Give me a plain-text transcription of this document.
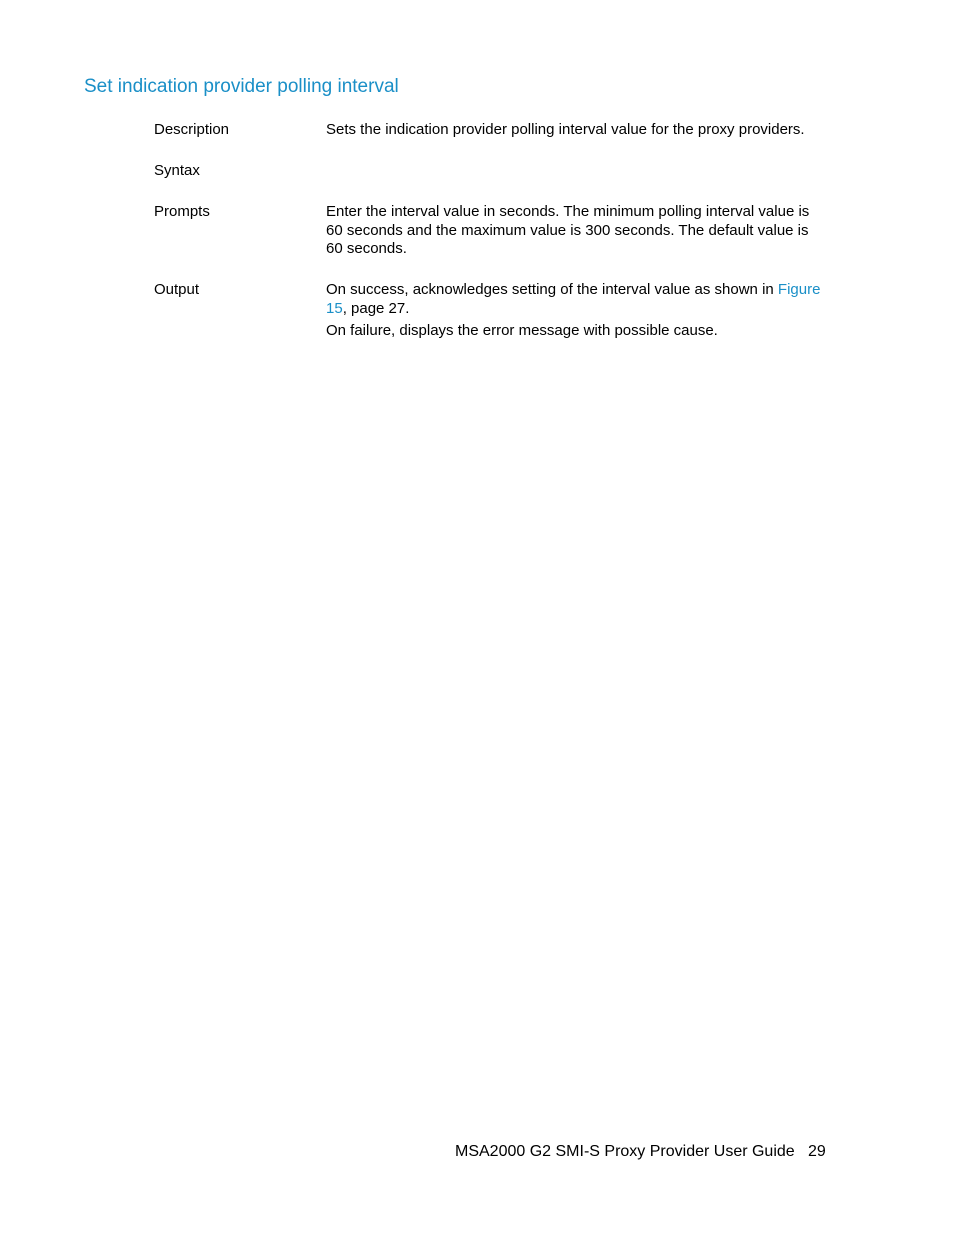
Set indication provider polling interval
Description	Sets the indication provider polling interval value for the proxy providers.

Syntax
Prompts	Enter the interval value in seconds. The minimum polling interval value is
60 seconds and the maximum value is 300 seconds. The default value is
60 seconds.

Output	On success, acknowledges setting of the interval value as shown in Figure
15, page 27.

On failure, displays the error message with possible cause.

MSA2000 G2 SMI-S Proxy Provider User Guide 29
